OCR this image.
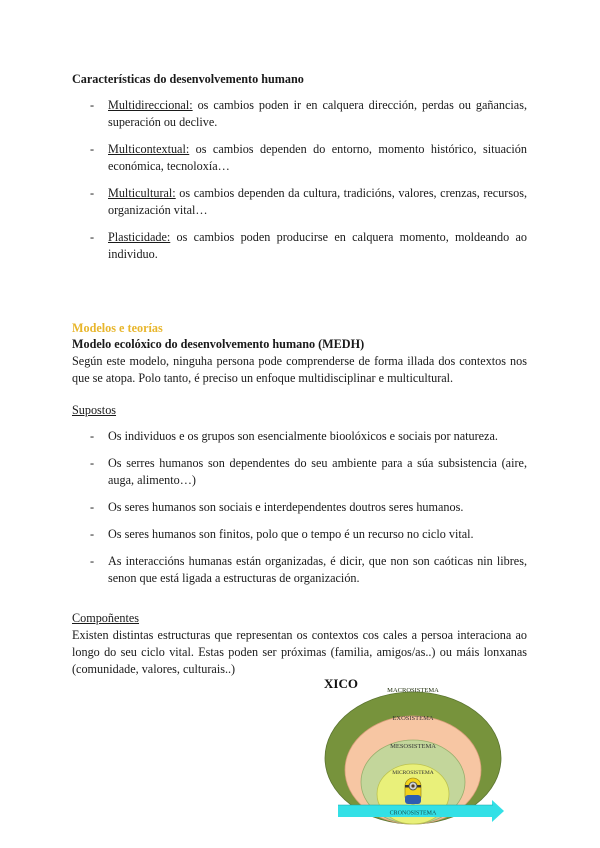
Características do desenvolvemento humano
- Multidireccional: os cambios poden ir en calquera dirección, perdas ou gañancias, superación ou declive.
- Multicontextual: os cambios dependen do entorno, momento histórico, situación económica, tecnoloxía…
- Multicultural: os cambios dependen da cultura, tradicións, valores, crenzas, recursos, organización vital…
- Plasticidade: os cambios poden producirse en calquera momento, moldeando ao individuo.
Modelos e teorías
Modelo ecolóxico do desenvolvemento humano (MEDH)
Según este modelo, ninguha persona pode comprenderse de forma illada dos contextos nos que se atopa. Polo tanto, é preciso un enfoque multidisciplinar e multicultural.
Supostos
- Os individuos e os grupos son esencialmente bioolóxicos e sociais por natureza.
- Os serres humanos son dependentes do seu ambiente para a súa subsistencia (aire, auga, alimento…)
- Os seres humanos son sociais e interdependentes doutros seres humanos.
- Os seres humanos son finitos, polo que o tempo é un recurso no ciclo vital.
- As interaccións humanas están organizadas, é dicir, que non son caóticas nin libres, senon que está ligada a estructuras de organización.
Compoñentes
Existen distintas estructuras que representan os contextos cos cales a persoa interaciona ao longo do seu ciclo vital. Estas poden ser próximas (familia, amigos/as..) ou máis lonxanas (comunidade, valores, culturais..)
XICO	MACROSISTEMA
EXOSISTEMA
MESOSISTEMA
MICROSISTEMA
CRONOSISTEMA
